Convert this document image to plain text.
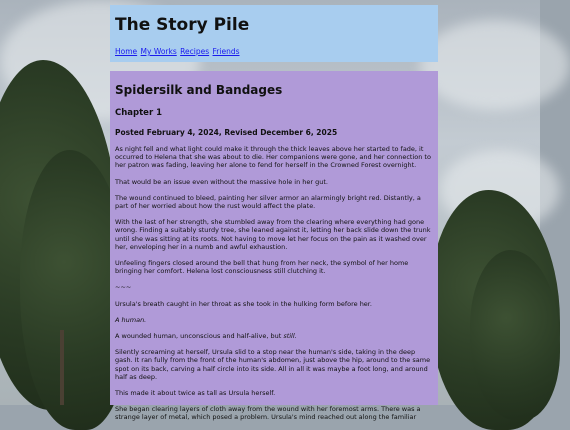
The Story Pile
Home My Works Recipes Friends
Spidersilk and Bandages
Chapter 1

Posted February 4, 2024, Revised December 6, 2025

As night fell and what light could make it through the thick leaves above her started to fade, it occurred to Helena that she was about to die. Her companions were gone, and her connection to her patron was fading, leaving her alone to fend for herself in the Crowned Forest overnight.

That would be an issue even without the massive hole in her gut.

The wound continued to bleed, painting her silver armor an alarmingly bright red. Distantly, a part of her worried about how the rust would affect the plate.

With the last of her strength, she stumbled away from the clearing where everything had gone wrong. Finding a suitably sturdy tree, she leaned against it, letting her back slide down the trunk until she was sitting at its roots. Not having to move let her focus on the pain as it washed over her, enveloping her in a numb and awful exhaustion.

Unfeeling fingers closed around the bell that hung from her neck, the symbol of her home bringing her comfort. Helena lost consciousness still clutching it.

~~~

Ursula's breath caught in her throat as she took in the hulking form before her.

A human.

A wounded human, unconscious and half-alive, but still.

Silently screaming at herself, Ursula slid to a stop near the human's side, taking in the deep gash. It ran fully from the front of the human's abdomen, just above the hip, around to the same spot on its back, carving a half circle into its side. All in all it was maybe a foot long, and around half as deep.

This made it about twice as tall as Ursula herself.

She began clearing layers of cloth away from the wound with her foremost arms. There was a strange layer of metal, which posed a problem. Ursula's mind reached out along the familiar
